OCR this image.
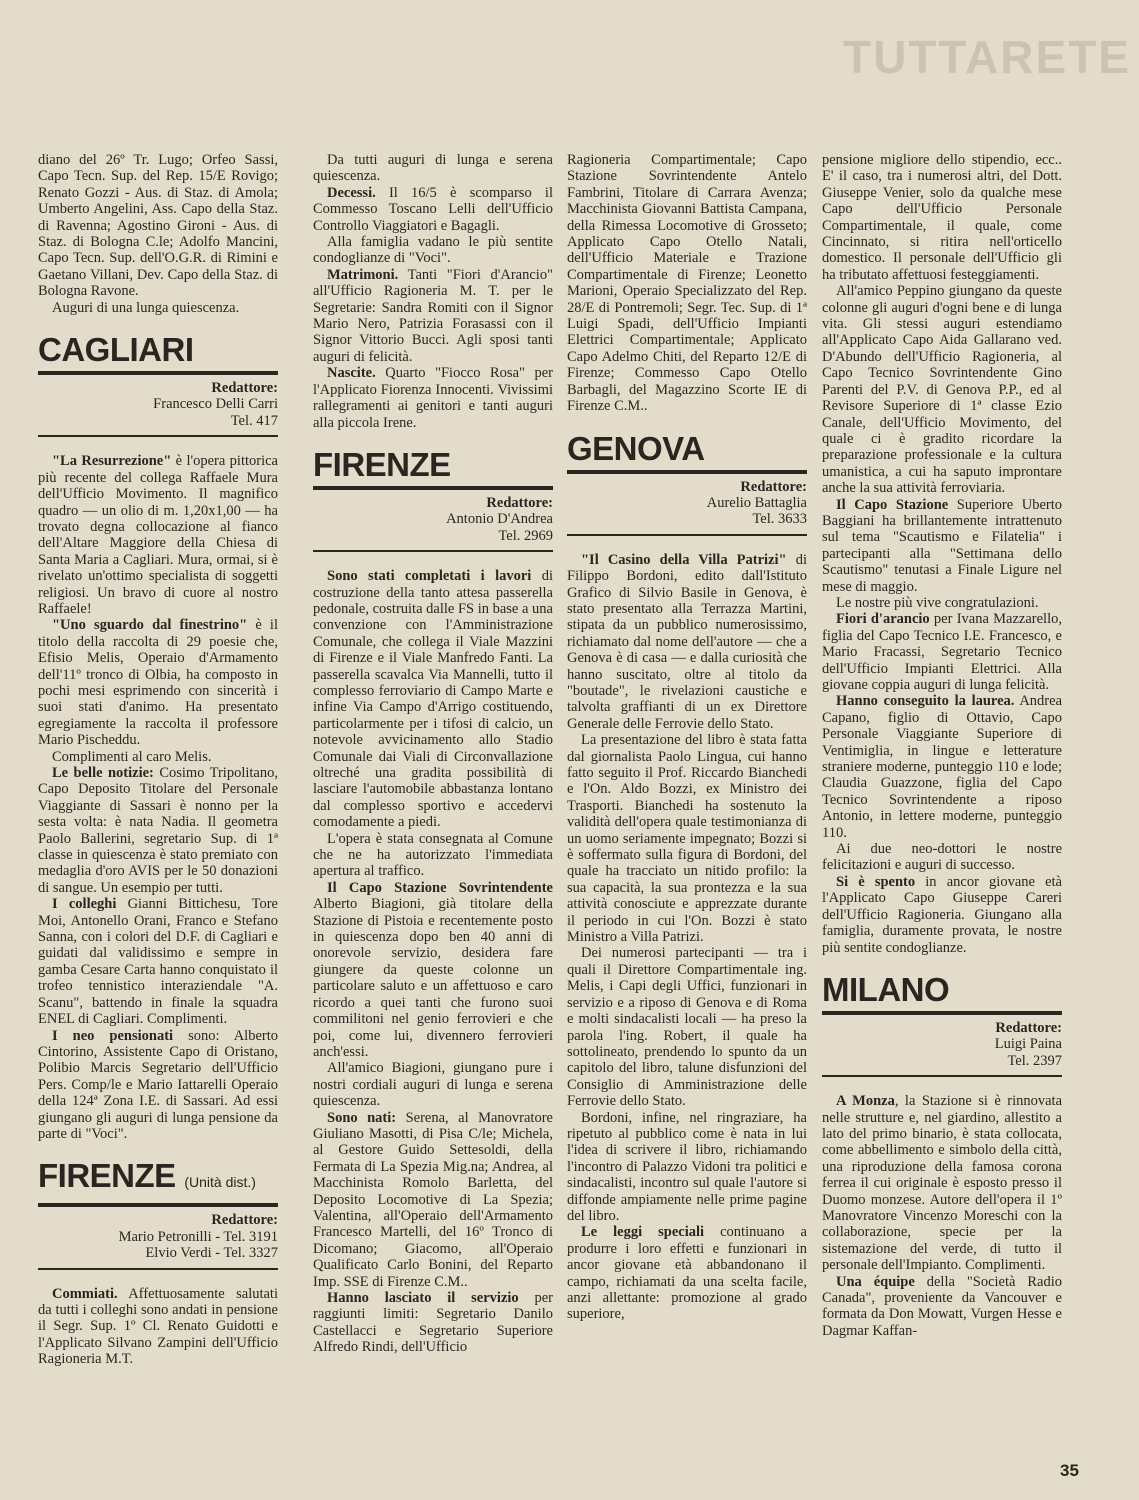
TUTTARETE

diano del 26º Tr. Lugo; Orfeo Sassi, Capo Tecn. Sup. del Rep. 15/E Rovigo; Renato Gozzi - Aus. di Staz. di Amola; Umberto Angelini, Ass. Capo della Staz. di Ravenna; Agostino Gironi - Aus. di Staz. di Bologna C.le; Adolfo Mancini, Capo Tecn. Sup. dell'O.G.R. di Rimini e Gaetano Villani, Dev. Capo della Staz. di Bologna Ravone.

Auguri di una lunga quiescenza.

CAGLIARI
Redattore:
Francesco Delli Carri
Tel. 417

"La Resurrezione" è l'opera pittorica più recente del collega Raffaele Mura dell'Ufficio Movimento. Il magnifico quadro — un olio di m. 1,20x1,00 — ha trovato degna collocazione al fianco dell'Altare Maggiore della Chiesa di Santa Maria a Cagliari. Mura, ormai, si è rivelato un'ottimo specialista di soggetti religiosi. Un bravo di cuore al nostro Raffaele!

"Uno sguardo dal finestrino" è il titolo della raccolta di 29 poesie che, Efisio Melis, Operaio d'Armamento dell'11º tronco di Olbia, ha composto in pochi mesi esprimendo con sincerità i suoi stati d'animo. Ha presentato egregiamente la raccolta il professore Mario Pischeddu.

Complimenti al caro Melis.

Le belle notizie: Cosimo Tripolitano, Capo Deposito Titolare del Personale Viaggiante di Sassari è nonno per la sesta volta: è nata Nadia. Il geometra Paolo Ballerini, segretario Sup. di 1ª classe in quiescenza è stato premiato con medaglia d'oro AVIS per le 50 donazioni di sangue. Un esempio per tutti.

I colleghi Gianni Bittichesu, Tore Moi, Antonello Orani, Franco e Stefano Sanna, con i colori del D.F. di Cagliari e guidati dal validissimo e sempre in gamba Cesare Carta hanno conquistato il trofeo tennistico interaziendale "A. Scanu", battendo in finale la squadra ENEL di Cagliari. Complimenti.

I neo pensionati sono: Alberto Cintorino, Assistente Capo di Oristano, Polibio Marcis Segretario dell'Ufficio Pers. Comp/le e Mario Iattarelli Operaio della 124ª Zona I.E. di Sassari. Ad essi giungano gli auguri di lunga pensione da parte di "Voci".

FIRENZE (Unità dist.)
Redattore:
Mario Petronilli - Tel. 3191
Elvio Verdi - Tel. 3327

Commiati. Affettuosamente salutati da tutti i colleghi sono andati in pensione il Segr. Sup. 1º Cl. Renato Guidotti e l'Applicato Silvano Zampini dell'Ufficio Ragioneria M.T.

Da tutti auguri di lunga e serena quiescenza.

Decessi. Il 16/5 è scomparso il Commesso Toscano Lelli dell'Ufficio Controllo Viaggiatori e Bagagli.

Alla famiglia vadano le più sentite condoglianze di "Voci".

Matrimoni. Tanti "Fiori d'Arancio" all'Ufficio Ragioneria M. T. per le Segretarie: Sandra Romiti con il Signor Mario Nero, Patrizia Forasassi con il Signor Vittorio Bucci. Agli sposi tanti auguri di felicità.

Nascite. Quarto "Fiocco Rosa" per l'Applicato Fiorenza Innocenti. Vivissimi rallegramenti ai genitori e tanti auguri alla piccola Irene.

FIRENZE
Redattore:
Antonio D'Andrea
Tel. 2969

Sono stati completati i lavori di costruzione della tanto attesa passerella pedonale, costruita dalle FS in base a una convenzione con l'Amministrazione Comunale, che collega il Viale Mazzini di Firenze e il Viale Manfredo Fanti. La passerella scavalca Via Mannelli, tutto il complesso ferroviario di Campo Marte e infine Via Campo d'Arrigo costituendo, particolarmente per i tifosi di calcio, un notevole avvicinamento allo Stadio Comunale dai Viali di Circonvallazione oltreché una gradita possibilità di lasciare l'automobile abbastanza lontano dal complesso sportivo e accedervi comodamente a piedi.

L'opera è stata consegnata al Comune che ne ha autorizzato l'immediata apertura al traffico.

Il Capo Stazione Sovrintendente Alberto Biagioni, già titolare della Stazione di Pistoia e recentemente posto in quiescenza dopo ben 40 anni di onorevole servizio, desidera fare giungere da queste colonne un particolare saluto e un affettuoso e caro ricordo a quei tanti che furono suoi commilitoni nel genio ferrovieri e che poi, come lui, divennero ferrovieri anch'essi.

All'amico Biagioni, giungano pure i nostri cordiali auguri di lunga e serena quiescenza.

Sono nati: Serena, al Manovratore Giuliano Masotti, di Pisa C/le; Michela, al Gestore Guido Settesoldi, della Fermata di La Spezia Mig.na; Andrea, al Macchinista Romolo Barletta, del Deposito Locomotive di La Spezia; Valentina, all'Operaio dell'Armamento Francesco Martelli, del 16º Tronco di Dicomano; Giacomo, all'Operaio Qualificato Carlo Bonini, del Reparto Imp. SSE di Firenze C.M..

Hanno lasciato il servizio per raggiunti limiti: Segretario Danilo Castellacci e Segretario Superiore Alfredo Rindi, dell'Ufficio

Ragioneria Compartimentale; Capo Stazione Sovrintendente Antelo Fambrini, Titolare di Carrara Avenza; Macchinista Giovanni Battista Campana, della Rimessa Locomotive di Grosseto; Applicato Capo Otello Natali, dell'Ufficio Materiale e Trazione Compartimentale di Firenze; Leonetto Marioni, Operaio Specializzato del Rep. 28/E di Pontremoli; Segr. Tec. Sup. di 1ª Luigi Spadi, dell'Ufficio Impianti Elettrici Compartimentale; Applicato Capo Adelmo Chiti, del Reparto 12/E di Firenze; Commesso Capo Otello Barbagli, del Magazzino Scorte IE di Firenze C.M..

GENOVA
Redattore:
Aurelio Battaglia
Tel. 3633

"Il Casino della Villa Patrizi" di Filippo Bordoni, edito dall'Istituto Grafico di Silvio Basile in Genova, è stato presentato alla Terrazza Martini, stipata da un pubblico numerosissimo, richiamato dal nome dell'autore — che a Genova è di casa — e dalla curiosità che hanno suscitato, oltre al titolo da "boutade", le rivelazioni caustiche e talvolta graffianti di un ex Direttore Generale delle Ferrovie dello Stato.

La presentazione del libro è stata fatta dal giornalista Paolo Lingua, cui hanno fatto seguito il Prof. Riccardo Bianchedi e l'On. Aldo Bozzi, ex Ministro dei Trasporti. Bianchedi ha sostenuto la validità dell'opera quale testimonianza di un uomo seriamente impegnato; Bozzi si è soffermato sulla figura di Bordoni, del quale ha tracciato un nitido profilo: la sua capacità, la sua prontezza e la sua attività conosciute e apprezzate durante il periodo in cui l'On. Bozzi è stato Ministro a Villa Patrizi.

Dei numerosi partecipanti — tra i quali il Direttore Compartimentale ing. Melis, i Capi degli Uffici, funzionari in servizio e a riposo di Genova e di Roma e molti sindacalisti locali — ha preso la parola l'ing. Robert, il quale ha sottolineato, prendendo lo spunto da un capitolo del libro, talune disfunzioni del Consiglio di Amministrazione delle Ferrovie dello Stato.

Bordoni, infine, nel ringraziare, ha ripetuto al pubblico come è nata in lui l'idea di scrivere il libro, richiamando l'incontro di Palazzo Vidoni tra politici e sindacalisti, incontro sul quale l'autore si diffonde ampiamente nelle prime pagine del libro.

Le leggi speciali continuano a produrre i loro effetti e funzionari in ancor giovane età abbandonano il campo, richiamati da una scelta facile, anzi allettante: promozione al grado superiore,

pensione migliore dello stipendio, ecc.. E' il caso, tra i numerosi altri, del Dott. Giuseppe Venier, solo da qualche mese Capo dell'Ufficio Personale Compartimentale, il quale, come Cincinnato, si ritira nell'orticello domestico. Il personale dell'Ufficio gli ha tributato affettuosi festeggiamenti.

All'amico Peppino giungano da queste colonne gli auguri d'ogni bene e di lunga vita. Gli stessi auguri estendiamo all'Applicato Capo Aida Gallarano ved. D'Abundo dell'Ufficio Ragioneria, al Capo Tecnico Sovrintendente Gino Parenti del P.V. di Genova P.P., ed al Revisore Superiore di 1ª classe Ezio Canale, dell'Ufficio Movimento, del quale ci è gradito ricordare la preparazione professionale e la cultura umanistica, a cui ha saputo improntare anche la sua attività ferroviaria.

Il Capo Stazione Superiore Uberto Baggiani ha brillantemente intrattenuto sul tema "Scautismo e Filatelia" i partecipanti alla "Settimana dello Scautismo" tenutasi a Finale Ligure nel mese di maggio.

Le nostre più vive congratulazioni.

Fiori d'arancio per Ivana Mazzarello, figlia del Capo Tecnico I.E. Francesco, e Mario Fracassi, Segretario Tecnico dell'Ufficio Impianti Elettrici. Alla giovane coppia auguri di lunga felicità.

Hanno conseguito la laurea. Andrea Capano, figlio di Ottavio, Capo Personale Viaggiante Superiore di Ventimiglia, in lingue e letterature straniere moderne, punteggio 110 e lode; Claudia Guazzone, figlia del Capo Tecnico Sovrintendente a riposo Antonio, in lettere moderne, punteggio 110.

Ai due neo-dottori le nostre felicitazioni e auguri di successo.

Si è spento in ancor giovane età l'Applicato Capo Giuseppe Careri dell'Ufficio Ragioneria. Giungano alla famiglia, duramente provata, le nostre più sentite condoglianze.

MILANO
Redattore:
Luigi Paina
Tel. 2397

A Monza, la Stazione si è rinnovata nelle strutture e, nel giardino, allestito a lato del primo binario, è stata collocata, come abbellimento e simbolo della città, una riproduzione della famosa corona ferrea il cui originale è esposto presso il Duomo monzese. Autore dell'opera il 1º Manovratore Vincenzo Moreschi con la collaborazione, specie per la sistemazione del verde, di tutto il personale dell'Impianto. Complimenti.

Una équipe della "Società Radio Canada", proveniente da Vancouver e formata da Don Mowatt, Vurgen Hesse e Dagmar Kaffan-

35
